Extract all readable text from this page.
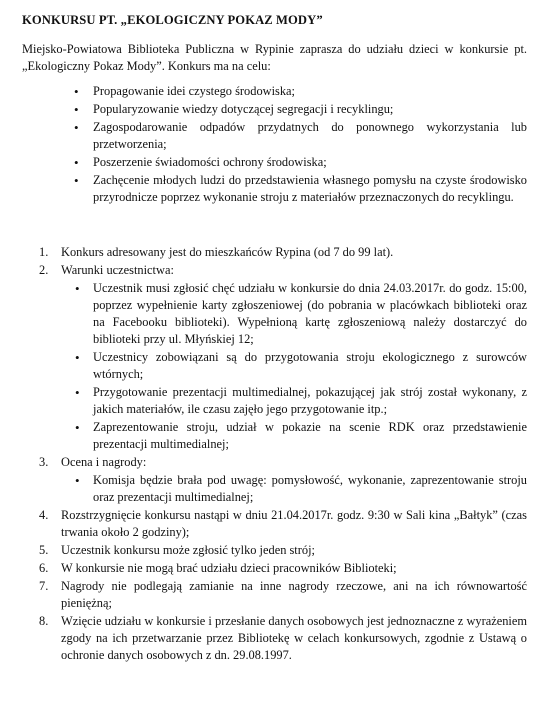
KONKURSU PT. „EKOLOGICZNY POKAZ MODY”

Miejsko-Powiatowa Biblioteka Publiczna w Rypinie zaprasza do udziału dzieci w konkursie pt. „Ekologiczny Pokaz Mody”. Konkurs ma na celu:

• Propagowanie idei czystego środowiska;
• Popularyzowanie wiedzy dotyczącej segregacji i recyklingu;
• Zagospodarowanie odpadów przydatnych do ponownego wykorzystania lub przetworzenia;
• Poszerzenie świadomości ochrony środowiska;
• Zachęcenie młodych ludzi do przedstawienia własnego pomysłu na czyste środowisko przyrodnicze poprzez wykonanie stroju z materiałów przeznaczonych do recyklingu.
1. Konkurs adresowany jest do mieszkańców Rypina (od 7 do 99 lat).
2. Warunki uczestnictwa:
• Uczestnik musi zgłosić chęć udziału w konkursie do dnia 24.03.2017r. do godz. 15:00, poprzez wypełnienie karty zgłoszeniowej (do pobrania w placówkach biblioteki oraz na Facebooku biblioteki). Wypełnioną kartę zgłoszeniową należy dostarczyć do biblioteki przy ul. Młyńskiej 12;
• Uczestnicy zobowiązani są do przygotowania stroju ekologicznego z surowców wtórnych;
• Przygotowanie prezentacji multimedialnej, pokazującej jak strój został wykonany, z jakich materiałów, ile czasu zajęło jego przygotowanie itp.;
• Zaprezentowanie stroju, udział w pokazie na scenie RDK oraz przedstawienie prezentacji multimedialnej;
3. Ocena i nagrody:
• Komisja będzie brała pod uwagę: pomysłowość, wykonanie, zaprezentowanie stroju oraz prezentacji multimedialnej;
4. Rozstrzygnięcie konkursu nastąpi w dniu 21.04.2017r. godz. 9:30 w Sali kina „Bałtyk” (czas trwania około 2 godziny);
5. Uczestnik konkursu może zgłosić tylko jeden strój;
6. W konkursie nie mogą brać udziału dzieci pracowników Biblioteki;
7. Nagrody nie podlegają zamianie na inne nagrody rzeczowe, ani na ich równowartość pieniężną;
8. Wzięcie udziału w konkursie i przesłanie danych osobowych jest jednoznaczne z wyrażeniem zgody na ich przetwarzanie przez Bibliotekę w celach konkursowych, zgodnie z Ustawą o ochronie danych osobowych z dn. 29.08.1997.
